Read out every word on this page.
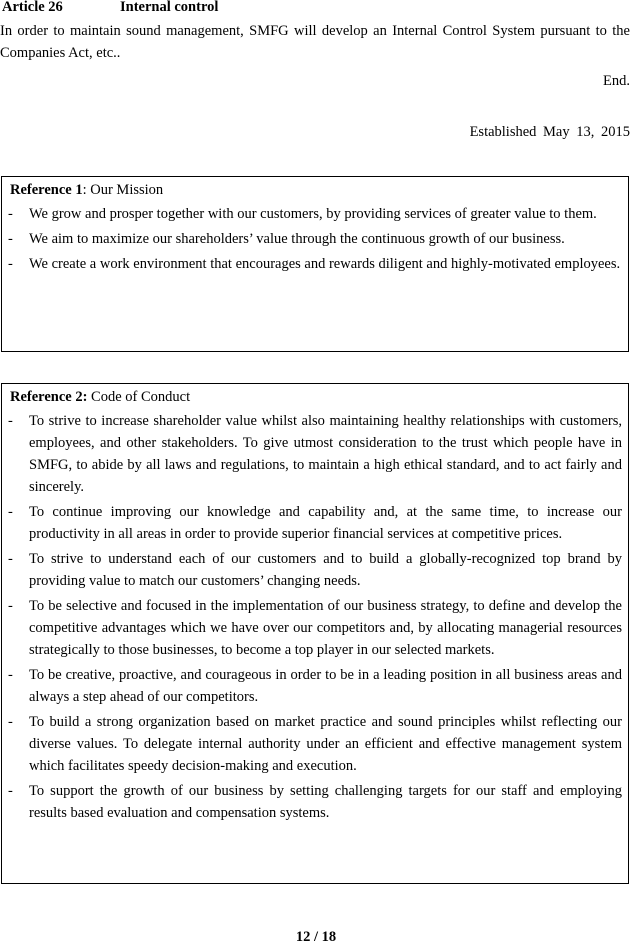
Article 26	Internal control
In order to maintain sound management, SMFG will develop an Internal Control System pursuant to the Companies Act, etc..
End.
Established May 13, 2015
Reference 1: Our Mission
- We grow and prosper together with our customers, by providing services of greater value to them.
- We aim to maximize our shareholders’ value through the continuous growth of our business.
- We create a work environment that encourages and rewards diligent and highly-motivated employees.
Reference 2: Code of Conduct
- To strive to increase shareholder value whilst also maintaining healthy relationships with customers, employees, and other stakeholders. To give utmost consideration to the trust which people have in SMFG, to abide by all laws and regulations, to maintain a high ethical standard, and to act fairly and sincerely.
- To continue improving our knowledge and capability and, at the same time, to increase our productivity in all areas in order to provide superior financial services at competitive prices.
- To strive to understand each of our customers and to build a globally-recognized top brand by providing value to match our customers’ changing needs.
- To be selective and focused in the implementation of our business strategy, to define and develop the competitive advantages which we have over our competitors and, by allocating managerial resources strategically to those businesses, to become a top player in our selected markets.
- To be creative, proactive, and courageous in order to be in a leading position in all business areas and always a step ahead of our competitors.
- To build a strong organization based on market practice and sound principles whilst reflecting our diverse values. To delegate internal authority under an efficient and effective management system which facilitates speedy decision-making and execution.
- To support the growth of our business by setting challenging targets for our staff and employing results based evaluation and compensation systems.
12 / 18
